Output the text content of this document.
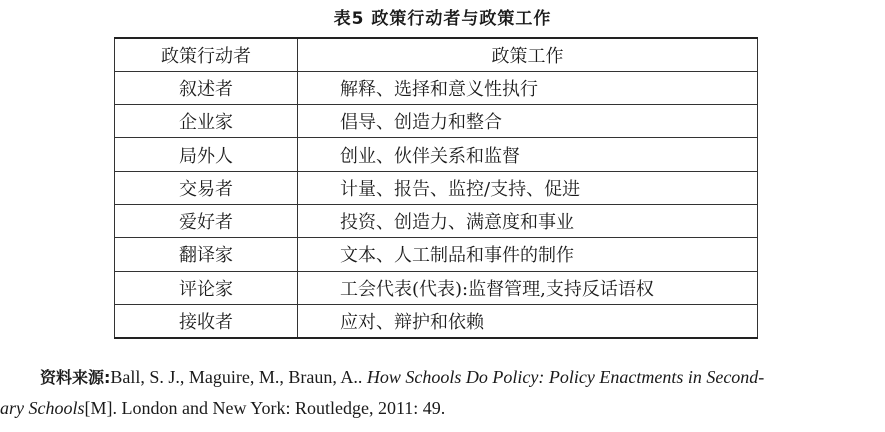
表5 政策行动者与政策工作
政策行动者	政策工作
叙述者	解释、选择和意义性执行
企业家	倡导、创造力和整合
局外人	创业、伙伴关系和监督
交易者	计量、报告、监控/支持、促进
爱好者	投资、创造力、满意度和事业
翻译家	文本、人工制品和事件的制作
评论家	工会代表(代表):监督管理,支持反话语权
接收者	应对、辩护和依赖
资料来源:Ball, S. J., Maguire, M., Braun, A.. How Schools Do Policy: Policy Enactments in Second-
ary Schools[M]. London and New York: Routledge, 2011: 49.
